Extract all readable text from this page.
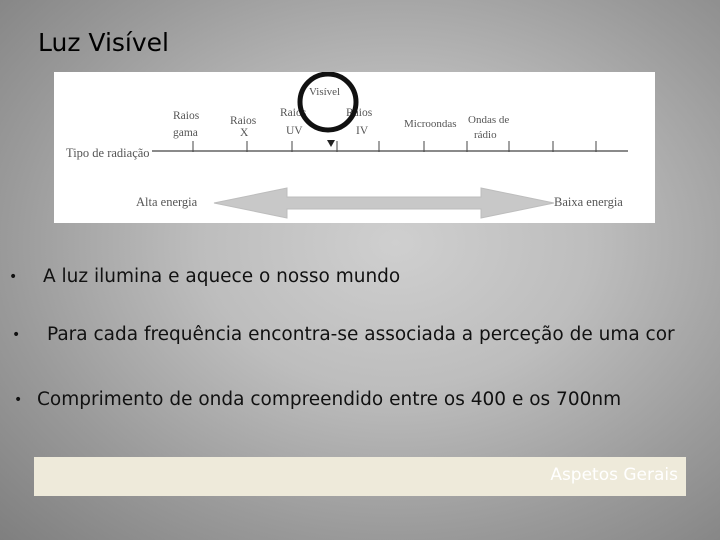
Luz Visível
Tipo de radiação
Raios
gama
Raios
X
Raios
UV
Raios
IV
Microondas Ondas de
rádio
Visível
Alta energia	Baixa energia
• A luz ilumina e aquece o nosso mundo
• Para cada frequência encontra-se associada a perceção de uma cor
• Comprimento de onda compreendido entre os 400 e os 700nm
Aspetos Gerais
